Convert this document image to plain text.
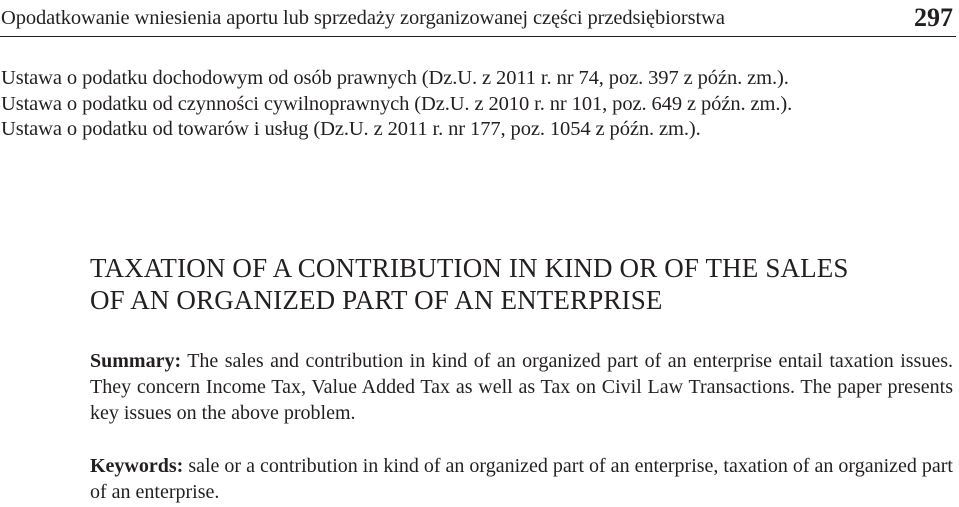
Opodatkowanie wniesienia aportu lub sprzedaży zorganizowanej części przedsiębiorstwa	297
Ustawa o podatku dochodowym od osób prawnych (Dz.U. z 2011 r. nr 74, poz. 397 z późn. zm.).
Ustawa o podatku od czynności cywilnoprawnych (Dz.U. z 2010 r. nr 101, poz. 649 z późn. zm.).
Ustawa o podatku od towarów i usług (Dz.U. z 2011 r. nr 177, poz. 1054 z późn. zm.).
TAXATION OF A CONTRIBUTION IN KIND OR OF THE SALES
OF AN ORGANIZED PART OF AN ENTERPRISE

Summary: The sales and contribution in kind of an organized part of an enterprise entail taxation issues. They concern Income Tax, Value Added Tax as well as Tax on Civil Law Transactions. The paper presents key issues on the above problem.

Keywords: sale or a contribution in kind of an organized part of an enterprise, taxation of an organized part of an enterprise.
